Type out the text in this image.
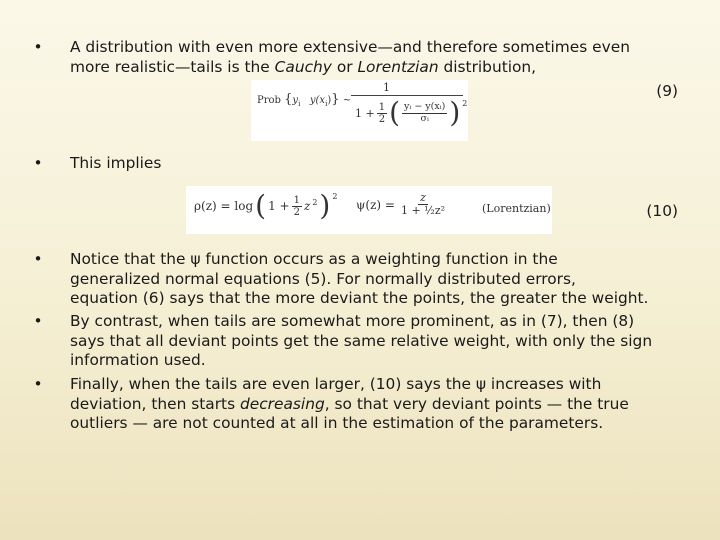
•	A distribution with even more extensive—and therefore sometimes even
more realistic—tails is the Cauchy or Lorentzian distribution,
Prob {$y_i$ $y(x_i)$} ~
1
$1 + \frac{1}{2}$ ( $\frac{\text{yᵢ − y(xᵢ)}}{\text{σᵢ}}$ ) $^2$
(9)
•	This implies
ρ(z) = log ( $1 + \frac{1}{2}$ z $^2$ ) $^2$
$\psi(z) = \frac{z}{\text{1 + ½z²}}$	(Lorentzian)	(10)
•	Notice that the ψ function occurs as a weighting function in the
generalized normal equations (5). For normally distributed errors,
equation (6) says that the more deviant the points, the greater the weight.
•	By contrast, when tails are somewhat more prominent, as in (7), then (8)
says that all deviant points get the same relative weight, with only the sign
information used.
•	Finally, when the tails are even larger, (10) says the ψ increases with
deviation, then starts decreasing, so that very deviant points — the true
outliers — are not counted at all in the estimation of the parameters.
